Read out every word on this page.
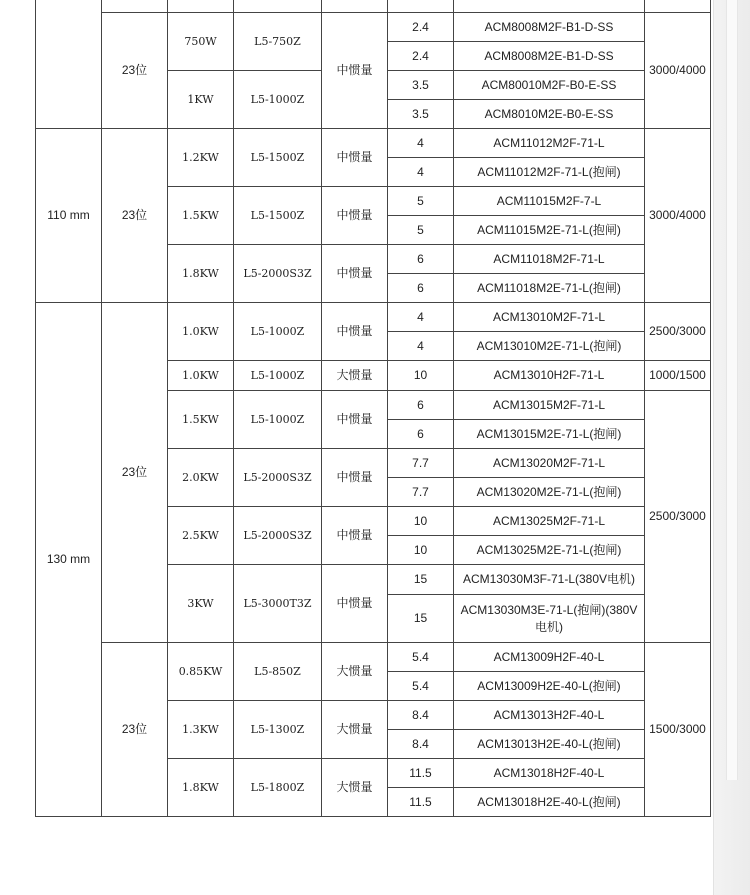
	23位	750W	L5-750Z	中惯量	2.4	ACM8008M2F-B1-D-SS	3000/4000
					2.4	ACM8008M2E-B1-D-SS	
		1KW	L5-1000Z		3.5	ACM80010M2F-B0-E-SS	
					3.5	ACM8010M2E-B0-E-SS	
110 mm	23位	1.2KW	L5-1500Z	中惯量	4	ACM11012M2F-71-L	3000/4000
					4	ACM11012M2F-71-L(抱闸)	
		1.5KW	L5-1500Z	中惯量	5	ACM11015M2F-7-L	
					5	ACM11015M2E-71-L(抱闸)	
		1.8KW	L5-2000S3Z	中惯量	6	ACM11018M2F-71-L	
					6	ACM11018M2E-71-L(抱闸)	
130 mm	23位	1.0KW	L5-1000Z	中惯量	4	ACM13010M2F-71-L	2500/3000
					4	ACM13010M2E-71-L(抱闸)	
		1.0KW	L5-1000Z	大惯量	10	ACM13010H2F-71-L	1000/1500
		1.5KW	L5-1000Z	中惯量	6	ACM13015M2F-71-L	2500/3000
					6	ACM13015M2E-71-L(抱闸)	
		2.0KW	L5-2000S3Z	中惯量	7.7	ACM13020M2F-71-L	
					7.7	ACM13020M2E-71-L(抱闸)	
		2.5KW	L5-2000S3Z	中惯量	10	ACM13025M2F-71-L	
					10	ACM13025M2E-71-L(抱闸)	
		3KW	L5-3000T3Z	中惯量	15	ACM13030M3F-71-L(380V电机)	
					15	ACM13030M3E-71-L(抱闸)(380V电机)	
	23位	0.85KW	L5-850Z	大惯量	5.4	ACM13009H2F-40-L	1500/3000
					5.4	ACM13009H2E-40-L(抱闸)	
		1.3KW	L5-1300Z	大惯量	8.4	ACM13013H2F-40-L	
					8.4	ACM13013H2E-40-L(抱闸)	
		1.8KW	L5-1800Z	大惯量	11.5	ACM13018H2F-40-L	
					11.5	ACM13018H2E-40-L(抱闸)	
